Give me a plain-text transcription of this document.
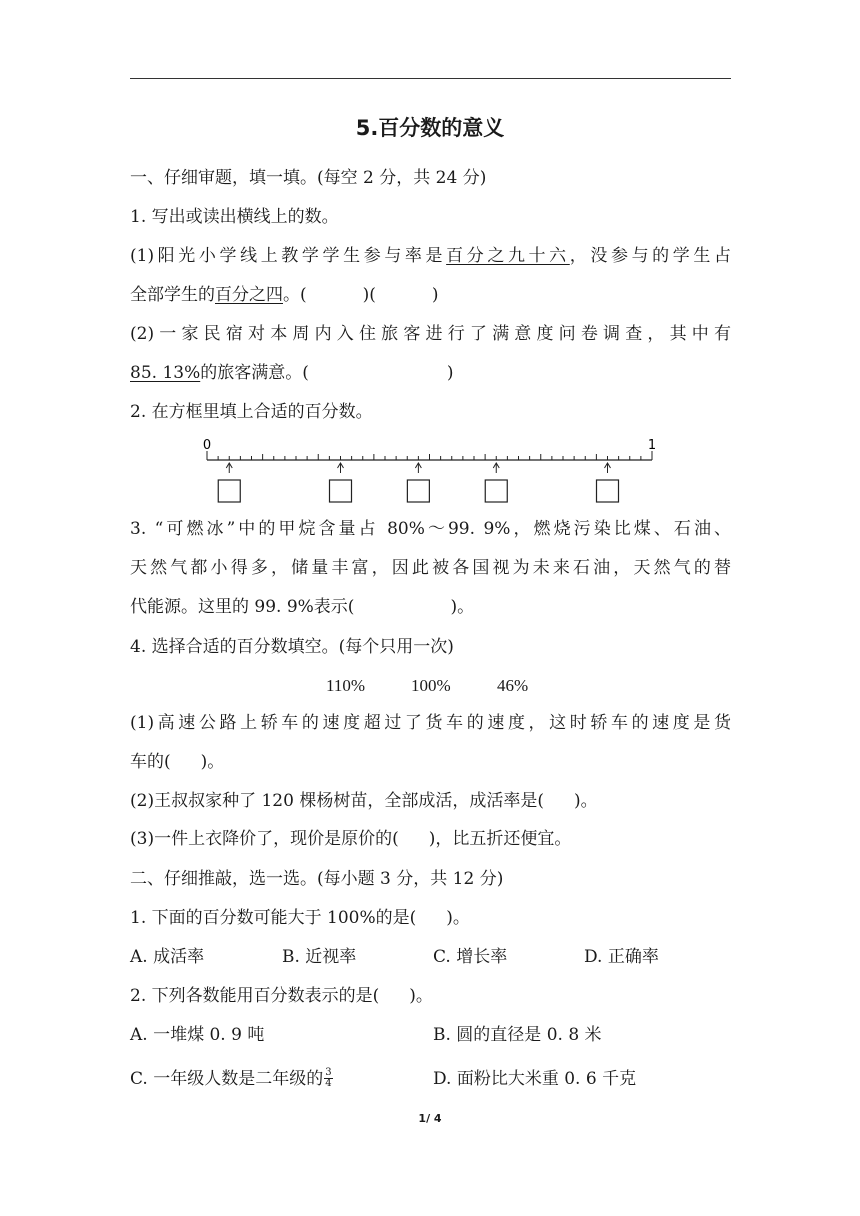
5.百分数的意义
一、仔细审题，填一填。(每空 2 分，共 24 分)
1. 写出或读出横线上的数。
(1)阳光小学线上教学学生参与率是百分之九十六，没参与的学生占
全部学生的百分之四。(	)(	)
(2)一家民宿对本周内入住旅客进行了满意度问卷调查，其中有
85. 13%的旅客满意。(	)
2. 在方框里填上合适的百分数。
0	1
3. “可燃冰”中的甲烷含量占 80%～99. 9%，燃烧污染比煤、石油、
天然气都小得多，储量丰富，因此被各国视为未来石油，天然气的替
代能源。这里的 99. 9%表示(	)。
4. 选择合适的百分数填空。(每个只用一次)
110%	100%	46%
(1)高速公路上轿车的速度超过了货车的速度，这时轿车的速度是货
车的( )。
(2)王叔叔家种了 120 棵杨树苗，全部成活，成活率是( )。
(3)一件上衣降价了，现价是原价的( )，比五折还便宜。
二、仔细推敲，选一选。(每小题 3 分，共 12 分)
1. 下面的百分数可能大于 100%的是( )。
A. 成活率	B. 近视率	C. 增长率	D. 正确率
2. 下列各数能用百分数表示的是( )。
A. 一堆煤 0. 9 吨	B. 圆的直径是 0. 8 米
C. 一年级人数是二年级的 $\frac{3}{4}$	D. 面粉比大米重 0. 6 千克
1/ 4
